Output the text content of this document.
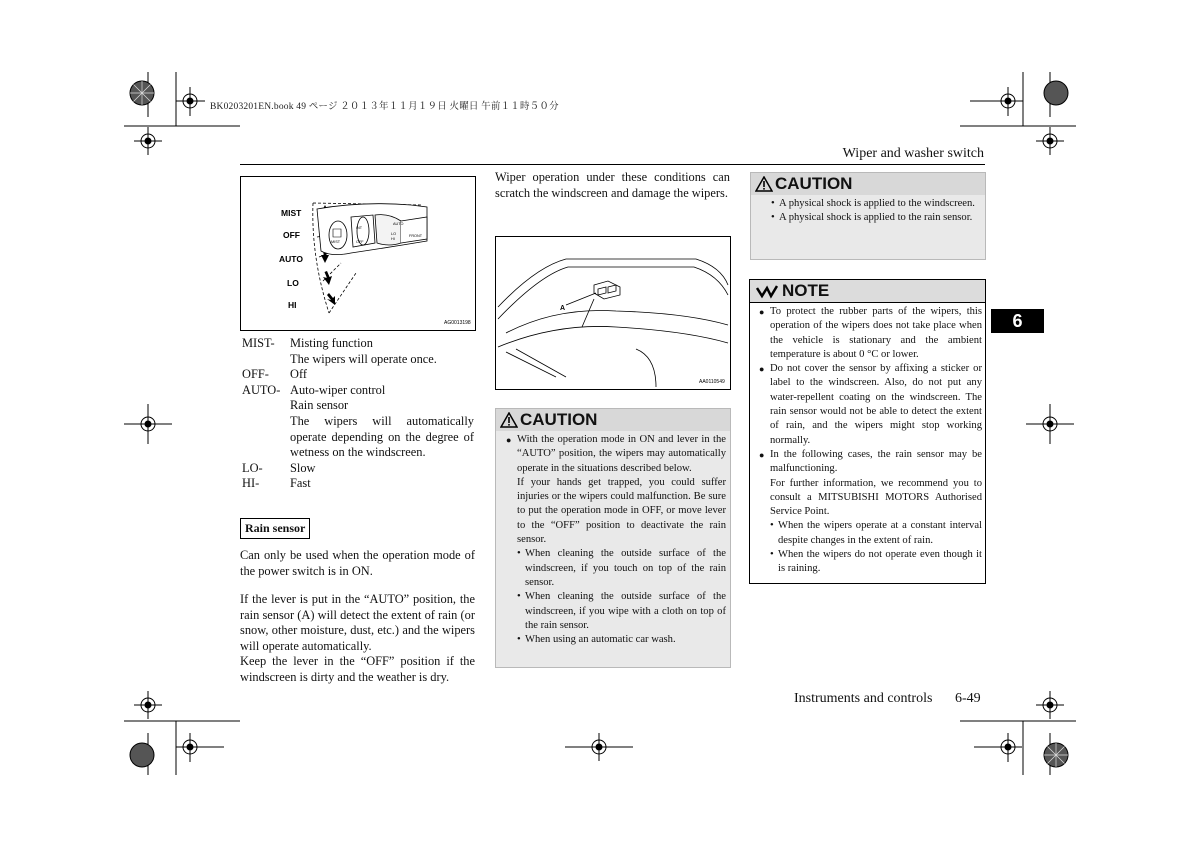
BK0203201EN.book 49 ページ ２０１３年１１月１９日 火曜日 午前１１時５０分
Wiper and washer switch
6
MIST
OFF
AUTO
LO
HI
MIST	OFF
AUTO
LO
HI
INT
FRONT
AG0013198
MIST- Misting function
The wipers will operate once.
OFF- Off
AUTO- Auto-wiper control
Rain sensor
The wipers will automatically operate depending on the degree of wetness on the windscreen.
LO- Slow
HI- Fast
Rain sensor
Can only be used when the operation mode of the power switch is in ON.
If the lever is put in the “AUTO” position, the rain sensor (A) will detect the extent of rain (or snow, other moisture, dust, etc.) and the wipers will operate automatically.
Keep the lever in the “OFF” position if the windscreen is dirty and the weather is dry.
Wiper operation under these conditions can scratch the windscreen and damage the wipers.
A
AA0110549
CAUTION
● With the operation mode in ON and lever in the “AUTO” position, the wipers may automatically operate in the situations described below.
If your hands get trapped, you could suffer injuries or the wipers could malfunction. Be sure to put the operation mode in OFF, or move lever to the “OFF” position to deactivate the rain sensor.
• When cleaning the outside surface of the windscreen, if you touch on top of the rain sensor.
• When cleaning the outside surface of the windscreen, if you wipe with a cloth on top of the rain sensor.
• When using an automatic car wash.
CAUTION
• A physical shock is applied to the windscreen.
• A physical shock is applied to the rain sensor.
NOTE
● To protect the rubber parts of the wipers, this operation of the wipers does not take place when the vehicle is stationary and the ambient temperature is about 0 °C or lower.
● Do not cover the sensor by affixing a sticker or label to the windscreen. Also, do not put any water-repellent coating on the windscreen. The rain sensor would not be able to detect the extent of rain, and the wipers might stop working normally.
● In the following cases, the rain sensor may be malfunctioning.
For further information, we recommend you to consult a MITSUBISHI MOTORS Authorised Service Point.
• When the wipers operate at a constant interval despite changes in the extent of rain.
• When the wipers do not operate even though it is raining.
Instruments and controls 6-49
